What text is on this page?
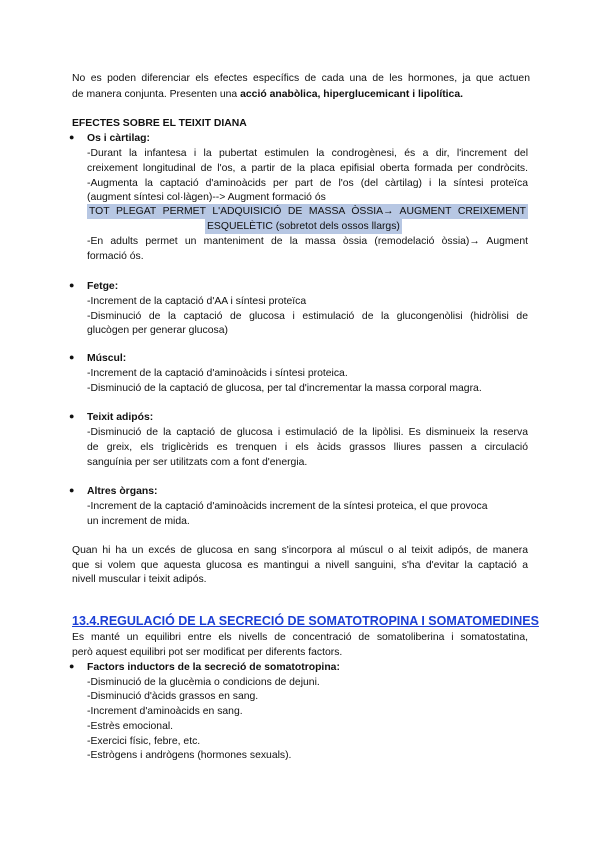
No es poden diferenciar els efectes específics de cada una de les hormones, ja que actuen
de manera conjunta. Presenten una acció anabòlica, hiperglucemicant i lipolítica.
EFECTES SOBRE EL TEIXIT DIANA
● Os i càrtilag:
-Durant la infantesa i la pubertat estimulen la condrogènesi, és a dir, l'increment del
creixement longitudinal de l'os, a partir de la placa epifisial oberta formada per condròcits.
-Augmenta la captació d'aminoàcids per part de l'os (del càrtilag) i la síntesi proteïca
(augment síntesi col·làgen)--> Augment formació ós
TOT PLEGAT PERMET L'ADQUISICIÓ DE MASSA ÒSSIA→ AUGMENT CREIXEMENT
ESQUELÈTIC (sobretot dels ossos llargs)
-En adults permet un manteniment de la massa òssia (remodelació òssia)→ Augment
formació ós.
● Fetge:
-Increment de la captació d'AA i síntesi proteïca
-Disminució de la captació de glucosa i estimulació de la glucongenòlisi (hidròlisi de
glucògen per generar glucosa)
● Múscul:
-Increment de la captació d'aminoàcids i síntesi proteica.
-Disminució de la captació de glucosa, per tal d'incrementar la massa corporal magra.
● Teixit adipós:
-Disminució de la captació de glucosa i estimulació de la lipòlisi. Es disminueix la reserva
de greix, els triglicèrids es trenquen i els àcids grassos lliures passen a circulació
sanguínia per ser utilitzats com a font d'energia.
● Altres òrgans:
-Increment de la captació d'aminoàcids increment de la síntesi proteica, el que provoca
un increment de mida.
Quan hi ha un excés de glucosa en sang s'incorpora al múscul o al teixit adipós, de manera
que si volem que aquesta glucosa es mantingui a nivell sanguini, s'ha d'evitar la captació a
nivell muscular i teixit adipós.
13.4.REGULACIÓ DE LA SECRECIÓ DE SOMATOTROPINA I SOMATOMEDINES
Es manté un equilibri entre els nivells de concentració de somatoliberina i somatostatina,
però aquest equilibri pot ser modificat per diferents factors.
● Factors inductors de la secreció de somatotropina:
-Disminució de la glucèmia o condicions de dejuni.
-Disminució d'àcids grassos en sang.
-Increment d'aminoàcids en sang.
-Estrès emocional.
-Exercici físic, febre, etc.
-Estrògens i andrògens (hormones sexuals).
